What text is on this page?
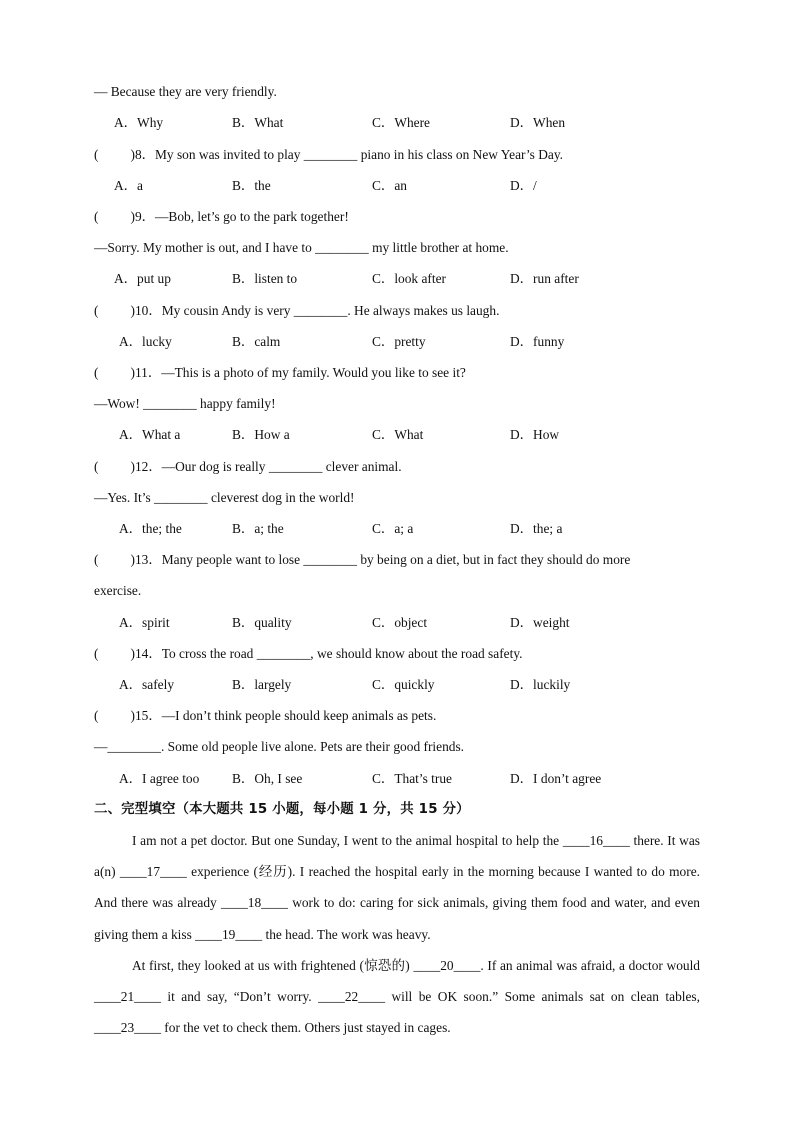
— Because they are very friendly.
A．Why	B．What	C．Where	D．When
( )8．My son was invited to play ________ piano in his class on New Year’s Day.
A．a	B．the	C．an	D．/
( )9．—Bob, let’s go to the park together!
—Sorry. My mother is out, and I have to ________ my little brother at home.
A．put up	B．listen to	C．look after	D．run after
( )10．My cousin Andy is very ________. He always makes us laugh.
A．lucky	B．calm	C．pretty	D．funny
( )11．—This is a photo of my family. Would you like to see it?
—Wow! ________ happy family!
A．What a	B．How a	C．What	D．How
( )12．—Our dog is really ________ clever animal.
—Yes. It’s ________ cleverest dog in the world!
A．the; the	B．a; the	C．a; a	D．the; a
( )13．Many people want to lose ________ by being on a diet, but in fact they should do more
exercise.
A．spirit	B．quality	C．object	D．weight
( )14．To cross the road ________, we should know about the road safety.
A．safely	B．largely	C．quickly	D．luckily
( )15．—I don’t think people should keep animals as pets.
—________. Some old people live alone. Pets are their good friends.
A．I agree too B．Oh, I see	C．That’s true	D．I don’t agree
二、完型填空（本大题共 15 小题，每小题 1 分，共 15 分）
I am not a pet doctor. But one Sunday, I went to the animal hospital to help the ____16____ there. It was a(n) ____17____ experience (经历). I reached the hospital early in the morning because I wanted to do more. And there was already ____18____ work to do: caring for sick animals, giving them food and water, and even giving them a kiss ____19____ the head. The work was heavy.
At first, they looked at us with frightened (惊恐的) ____20____. If an animal was afraid, a doctor would ____21____ it and say, “Don’t worry. ____22____ will be OK soon.” Some animals sat on clean tables, ____23____ for the vet to check them. Others just stayed in cages.
